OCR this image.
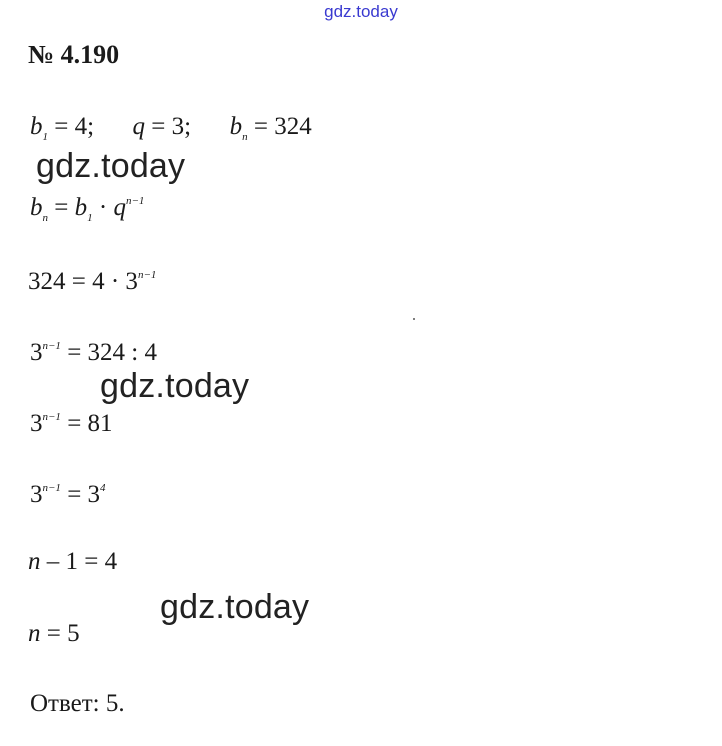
gdz.today
№ 4.190
$b_1 = 4$; q = 3; $b_n = 324$
gdz.today
$b_n = b_1 \cdot q^{n-1}$
$324 = 4 \cdot 3^{n-1}$
$3^{n-1} = 324$ : 4
gdz.today
$3^{n-1} = 81$
$3^{n-1} = 3^4$
n – 1 = 4
gdz.today
n = 5
Ответ: 5.
